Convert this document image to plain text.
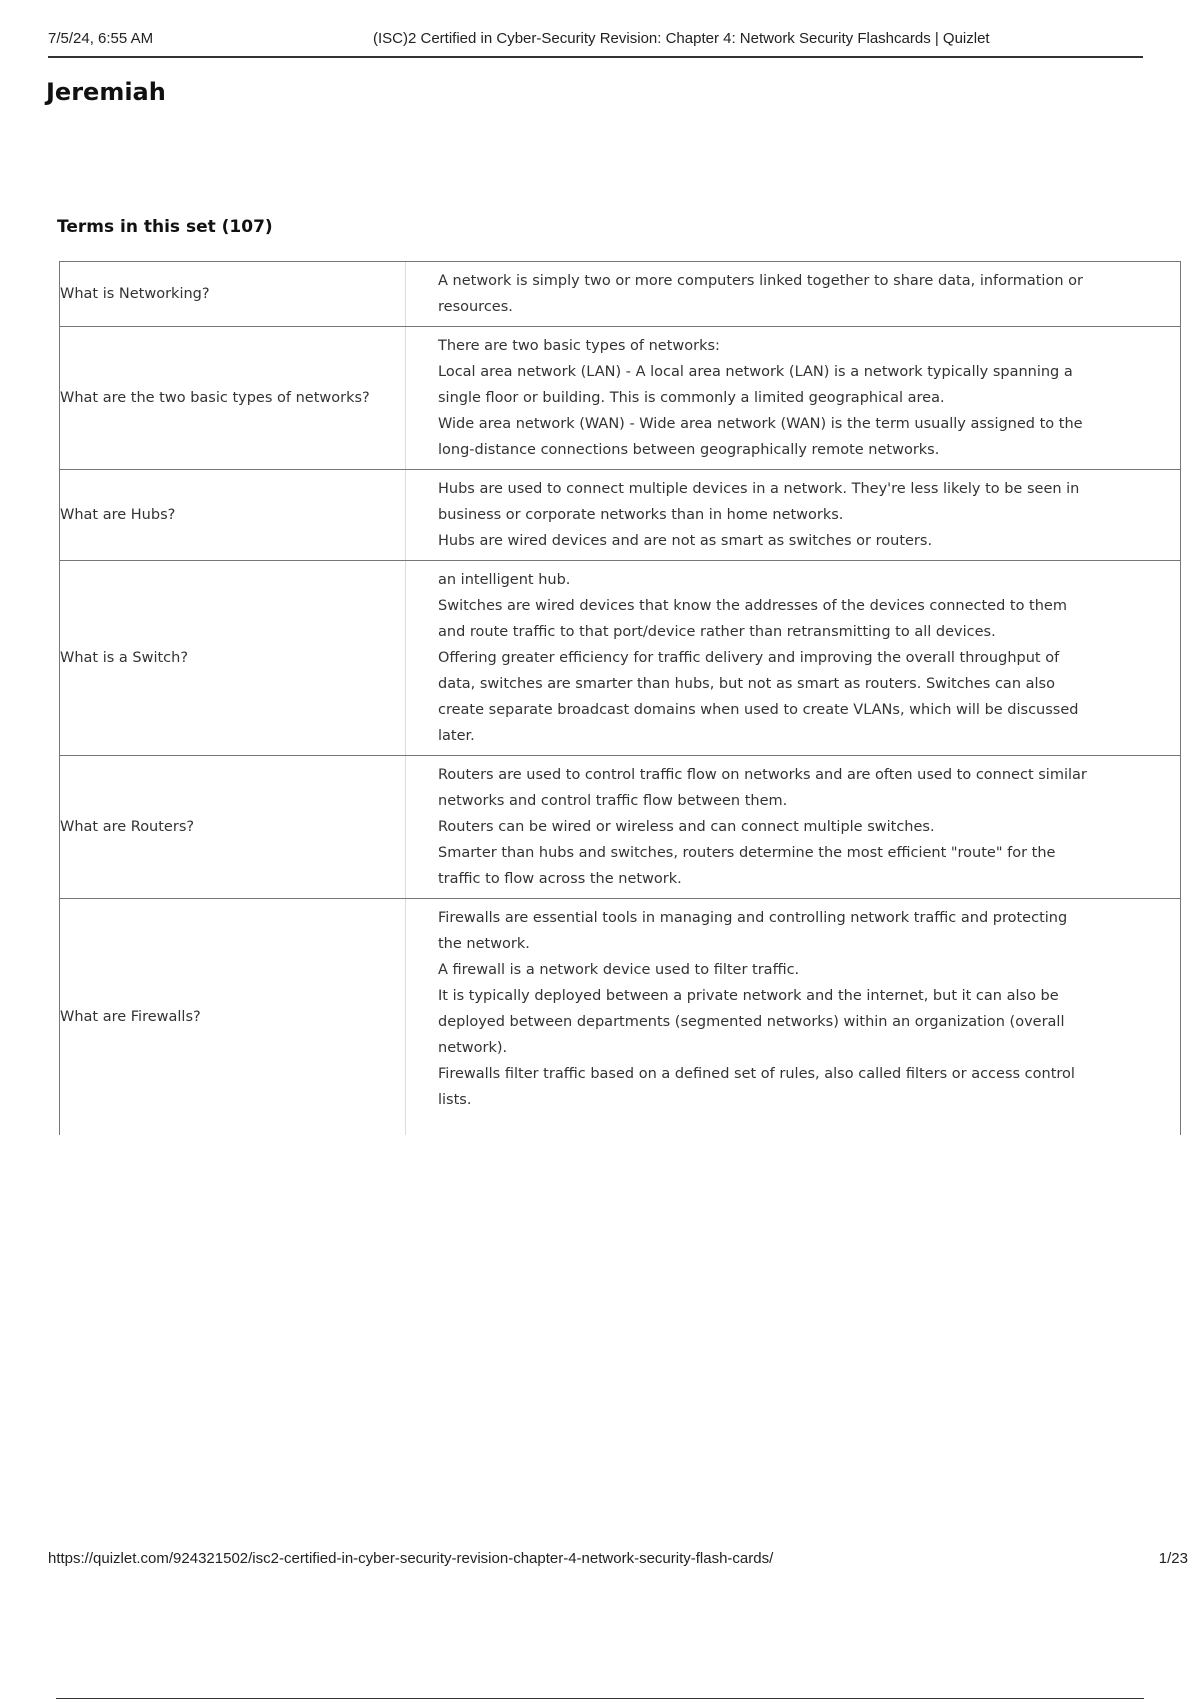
7/5/24, 6:55 AM	(ISC)2 Certified in Cyber-Security Revision: Chapter 4: Network Security Flashcards | Quizlet
Jeremiah
Terms in this set (107)
What is Networking?
A network is simply two or more computers linked together to share data, information or resources.
What are the two basic types of networks?
There are two basic types of networks:
Local area network (LAN) - A local area network (LAN) is a network typically spanning a single floor or building. This is commonly a limited geographical area.
Wide area network (WAN) - Wide area network (WAN) is the term usually assigned to the long-distance connections between geographically remote networks.
What are Hubs?
Hubs are used to connect multiple devices in a network. They're less likely to be seen in business or corporate networks than in home networks.
Hubs are wired devices and are not as smart as switches or routers.
What is a Switch?
an intelligent hub.
Switches are wired devices that know the addresses of the devices connected to them and route traffic to that port/device rather than retransmitting to all devices.
Offering greater efficiency for traffic delivery and improving the overall throughput of data, switches are smarter than hubs, but not as smart as routers. Switches can also create separate broadcast domains when used to create VLANs, which will be discussed later.
What are Routers?
Routers are used to control traffic flow on networks and are often used to connect similar networks and control traffic flow between them.
Routers can be wired or wireless and can connect multiple switches.
Smarter than hubs and switches, routers determine the most efficient "route" for the traffic to flow across the network.
What are Firewalls?
Firewalls are essential tools in managing and controlling network traffic and protecting the network.
A firewall is a network device used to filter traffic.
It is typically deployed between a private network and the internet, but it can also be deployed between departments (segmented networks) within an organization (overall network).
Firewalls filter traffic based on a defined set of rules, also called filters or access control lists.
https://quizlet.com/924321502/isc2-certified-in-cyber-security-revision-chapter-4-network-security-flash-cards/	1/23
